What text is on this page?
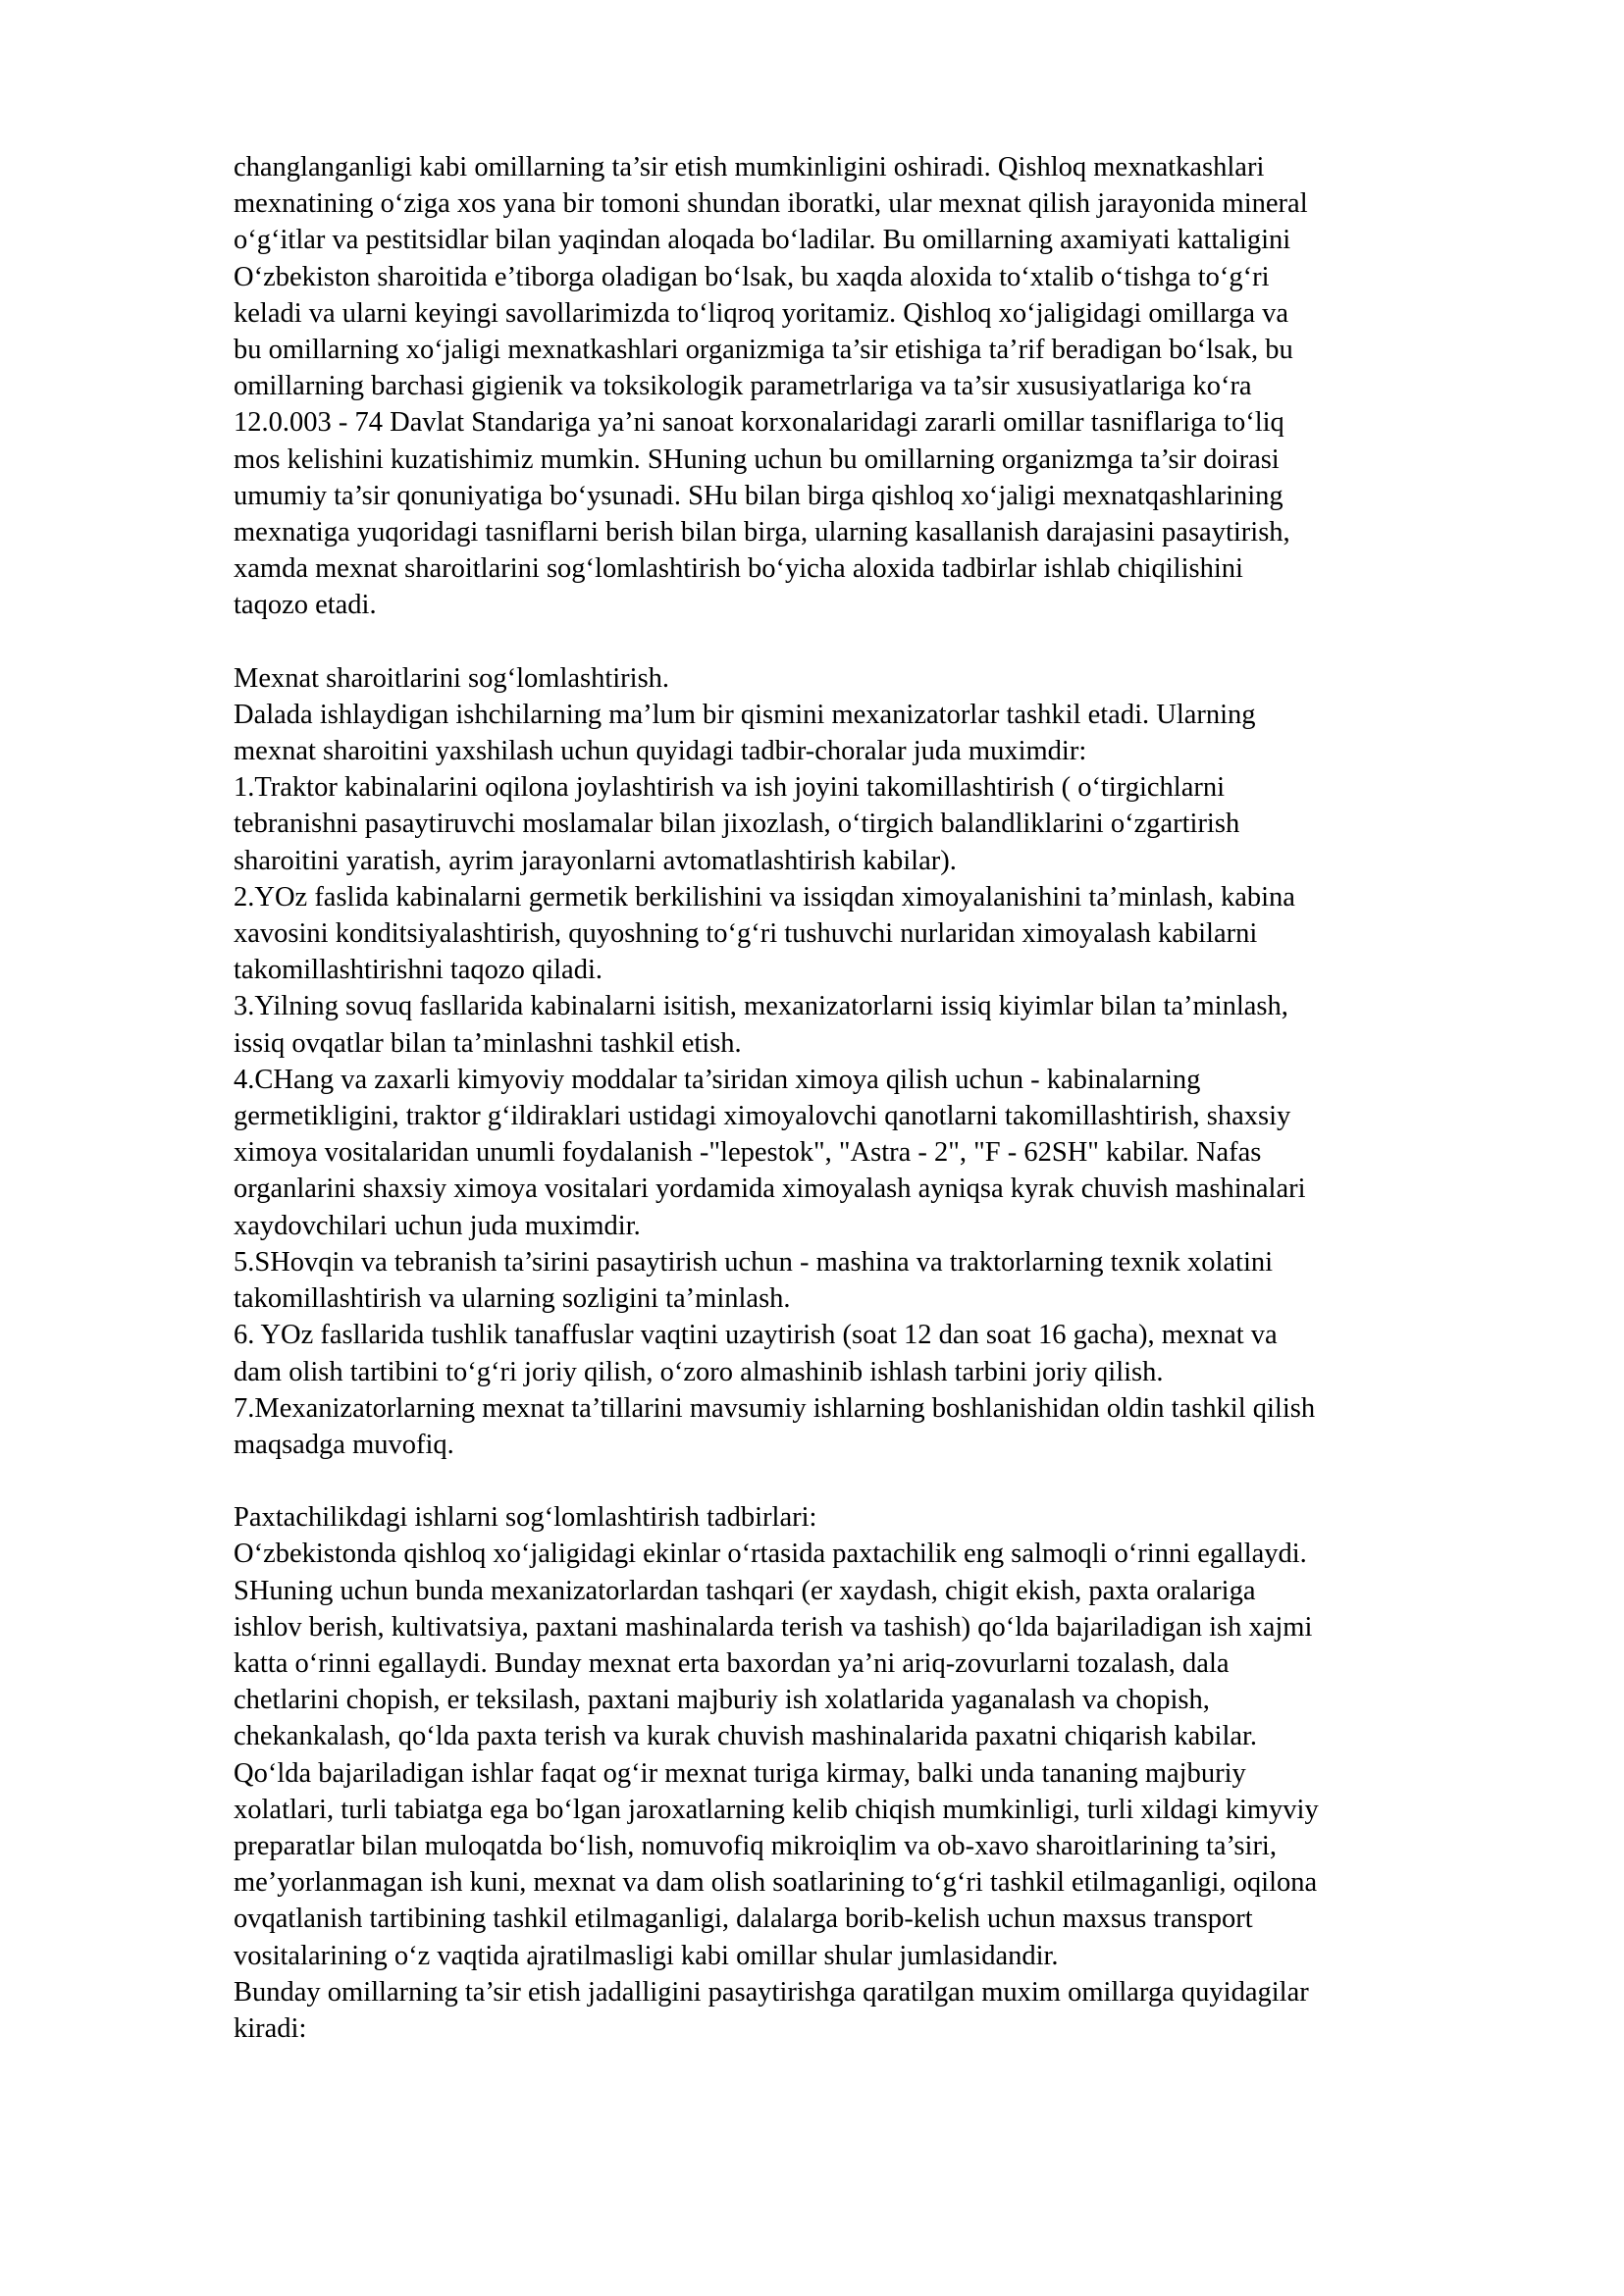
changlanganligi kabi omillarning ta’sir etish mumkinligini oshiradi. Qishloq mexnatkashlari
mexnatining o‘ziga xos yana bir tomoni shundan iboratki, ular mexnat qilish jarayonida mineral
o‘g‘itlar va pestitsidlar bilan yaqindan aloqada bo‘ladilar. Bu omillarning axamiyati kattaligini
O‘zbekiston sharoitida e’tiborga oladigan bo‘lsak, bu xaqda aloxida to‘xtalib o‘tishga to‘g‘ri
keladi va ularni keyingi savollarimizda to‘liqroq yoritamiz. Qishloq xo‘jaligidagi omillarga va
bu omillarning xo‘jaligi mexnatkashlari organizmiga ta’sir etishiga ta’rif beradigan bo‘lsak, bu
omillarning barchasi gigienik va toksikologik parametrlariga va ta’sir xususiyatlariga ko‘ra
12.0.003 - 74 Davlat Standariga ya’ni sanoat korxonalaridagi zararli omillar tasniflariga to‘liq
mos kelishini kuzatishimiz mumkin. SHuning uchun bu omillarning organizmga ta’sir doirasi
umumiy ta’sir qonuniyatiga bo‘ysunadi. SHu bilan birga qishloq xo‘jaligi mexnatqashlarining
mexnatiga yuqoridagi tasniflarni berish bilan birga, ularning kasallanish darajasini pasaytirish,
xamda mexnat sharoitlarini sog‘lomlashtirish bo‘yicha aloxida tadbirlar ishlab chiqilishini
taqozo etadi.
Mexnat sharoitlarini sog‘lomlashtirish.
Dalada ishlaydigan ishchilarning ma’lum bir qismini mexanizatorlar tashkil etadi. Ularning
mexnat sharoitini yaxshilash uchun quyidagi tadbir-choralar juda muximdir:
1.Traktor kabinalarini oqilona joylashtirish va ish joyini takomillashtirish ( o‘tirgichlarni
tebranishni pasaytiruvchi moslamalar bilan jixozlash, o‘tirgich balandliklarini o‘zgartirish
sharoitini yaratish, ayrim jarayonlarni avtomatlashtirish kabilar).
2.YOz faslida kabinalarni germetik berkilishini va issiqdan ximoyalanishini ta’minlash, kabina
xavosini konditsiyalashtirish, quyoshning to‘g‘ri tushuvchi nurlaridan ximoyalash kabilarni
takomillashtirishni taqozo qiladi.
3.Yilning sovuq fasllarida kabinalarni isitish, mexanizatorlarni issiq kiyimlar bilan ta’minlash,
issiq ovqatlar bilan ta’minlashni tashkil etish.
4.CHang va zaxarli kimyoviy moddalar ta’siridan ximoya qilish uchun - kabinalarning
germetikligini, traktor g‘ildiraklari ustidagi ximoyalovchi qanotlarni takomillashtirish, shaxsiy
ximoya vositalaridan unumli foydalanish -"lepestok", "Astra - 2", "F - 62SH" kabilar. Nafas
organlarini shaxsiy ximoya vositalari yordamida ximoyalash ayniqsa kyrak chuvish mashinalari
xaydovchilari uchun juda muximdir.
5.SHovqin va tebranish ta’sirini pasaytirish uchun - mashina va traktorlarning texnik xolatini
takomillashtirish va ularning sozligini ta’minlash.
6. YOz fasllarida tushlik tanaffuslar vaqtini uzaytirish (soat 12 dan soat 16 gacha), mexnat va
dam olish tartibini to‘g‘ri joriy qilish, o‘zoro almashinib ishlash tarbini joriy qilish.
7.Mexanizatorlarning mexnat ta’tillarini mavsumiy ishlarning boshlanishidan oldin tashkil qilish
maqsadga muvofiq.
Paxtachilikdagi ishlarni sog‘lomlashtirish tadbirlari:
O‘zbekistonda qishloq xo‘jaligidagi ekinlar o‘rtasida paxtachilik eng salmoqli o‘rinni egallaydi.
SHuning uchun bunda mexanizatorlardan tashqari (er xaydash, chigit ekish, paxta oralariga
ishlov berish, kultivatsiya, paxtani mashinalarda terish va tashish) qo‘lda bajariladigan ish xajmi
katta o‘rinni egallaydi. Bunday mexnat erta baxordan ya’ni ariq-zovurlarni tozalash, dala
chetlarini chopish, er teksilash, paxtani majburiy ish xolatlarida yaganalash va chopish,
chekankalash, qo‘lda paxta terish va kurak chuvish mashinalarida paxatni chiqarish kabilar.
Qo‘lda bajariladigan ishlar faqat og‘ir mexnat turiga kirmay, balki unda tananing majburiy
xolatlari, turli tabiatga ega bo‘lgan jaroxatlarning kelib chiqish mumkinligi, turli xildagi kimyviy
preparatlar bilan muloqatda bo‘lish, nomuvofiq mikroiqlim va ob-xavo sharoitlarining ta’siri,
me’yorlanmagan ish kuni, mexnat va dam olish soatlarining to‘g‘ri tashkil etilmaganligi, oqilona
ovqatlanish tartibining tashkil etilmaganligi, dalalarga borib-kelish uchun maxsus transport
vositalarining o‘z vaqtida ajratilmasligi kabi omillar shular jumlasidandir.
Bunday omillarning ta’sir etish jadalligini pasaytirishga qaratilgan muxim omillarga quyidagilar
kiradi:
